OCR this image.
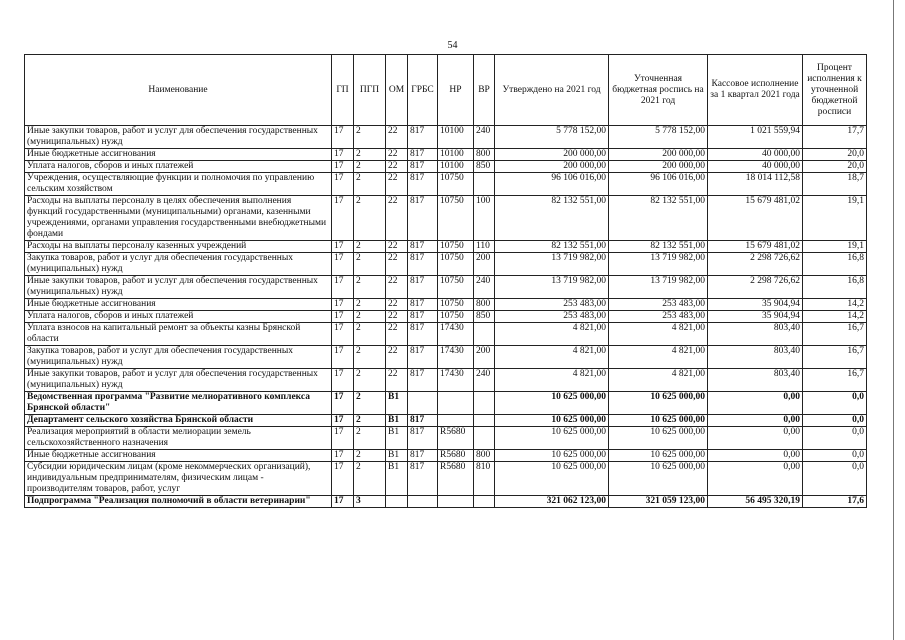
54
Наименование	ГП	ПГП	ОМ	ГРБС	НР	ВР	Утверждено на 2021 год	Уточненная бюджетная роспись на 2021 год	Кассовое исполнение за 1 квартал 2021 года	Процент исполнения к уточненной бюджетной росписи
Иные закупки товаров, работ и услуг для обеспечения государственных (муниципальных) нужд	17	2	22	817	10100	240	5 778 152,00	5 778 152,00	1 021 559,94	17,7
Иные бюджетные ассигнования	17	2	22	817	10100	800	200 000,00	200 000,00	40 000,00	20,0
Уплата налогов, сборов и иных платежей	17	2	22	817	10100	850	200 000,00	200 000,00	40 000,00	20,0
Учреждения, осуществляющие функции и полномочия по управлению сельским хозяйством	17	2	22	817	10750		96 106 016,00	96 106 016,00	18 014 112,58	18,7
Расходы на выплаты персоналу в целях обеспечения выполнения функций государственными (муниципальными) органами, казенными учреждениями, органами управления государственными внебюджетными фондами	17	2	22	817	10750	100	82 132 551,00	82 132 551,00	15 679 481,02	19,1
Расходы на выплаты персоналу казенных учреждений	17	2	22	817	10750	110	82 132 551,00	82 132 551,00	15 679 481,02	19,1
Закупка товаров, работ и услуг для обеспечения государственных (муниципальных) нужд	17	2	22	817	10750	200	13 719 982,00	13 719 982,00	2 298 726,62	16,8
Иные закупки товаров, работ и услуг для обеспечения государственных (муниципальных) нужд	17	2	22	817	10750	240	13 719 982,00	13 719 982,00	2 298 726,62	16,8
Иные бюджетные ассигнования	17	2	22	817	10750	800	253 483,00	253 483,00	35 904,94	14,2
Уплата налогов, сборов и иных платежей	17	2	22	817	10750	850	253 483,00	253 483,00	35 904,94	14,2
Уплата взносов на капитальный ремонт за объекты казны Брянской области	17	2	22	817	17430		4 821,00	4 821,00	803,40	16,7
Закупка товаров, работ и услуг для обеспечения государственных (муниципальных) нужд	17	2	22	817	17430	200	4 821,00	4 821,00	803,40	16,7
Иные закупки товаров, работ и услуг для обеспечения государственных (муниципальных) нужд	17	2	22	817	17430	240	4 821,00	4 821,00	803,40	16,7
Ведомственная программа "Развитие мелиоративного комплекса Брянской области"	17	2	В1				10 625 000,00	10 625 000,00	0,00	0,0
Департамент сельского хозяйства Брянской области	17	2	В1	817			10 625 000,00	10 625 000,00	0,00	0,0
Реализация мероприятий в области мелиорации земель сельскохозяйственного назначения	17	2	В1	817	R5680		10 625 000,00	10 625 000,00	0,00	0,0
Иные бюджетные ассигнования	17	2	В1	817	R5680	800	10 625 000,00	10 625 000,00	0,00	0,0
Субсидии юридическим лицам (кроме некоммерческих организаций), индивидуальным предпринимателям, физическим лицам - производителям товаров, работ, услуг	17	2	В1	817	R5680	810	10 625 000,00	10 625 000,00	0,00	0,0
Подпрограмма "Реализация полномочий в области ветеринарии"	17	3					321 062 123,00	321 059 123,00	56 495 320,19	17,6
